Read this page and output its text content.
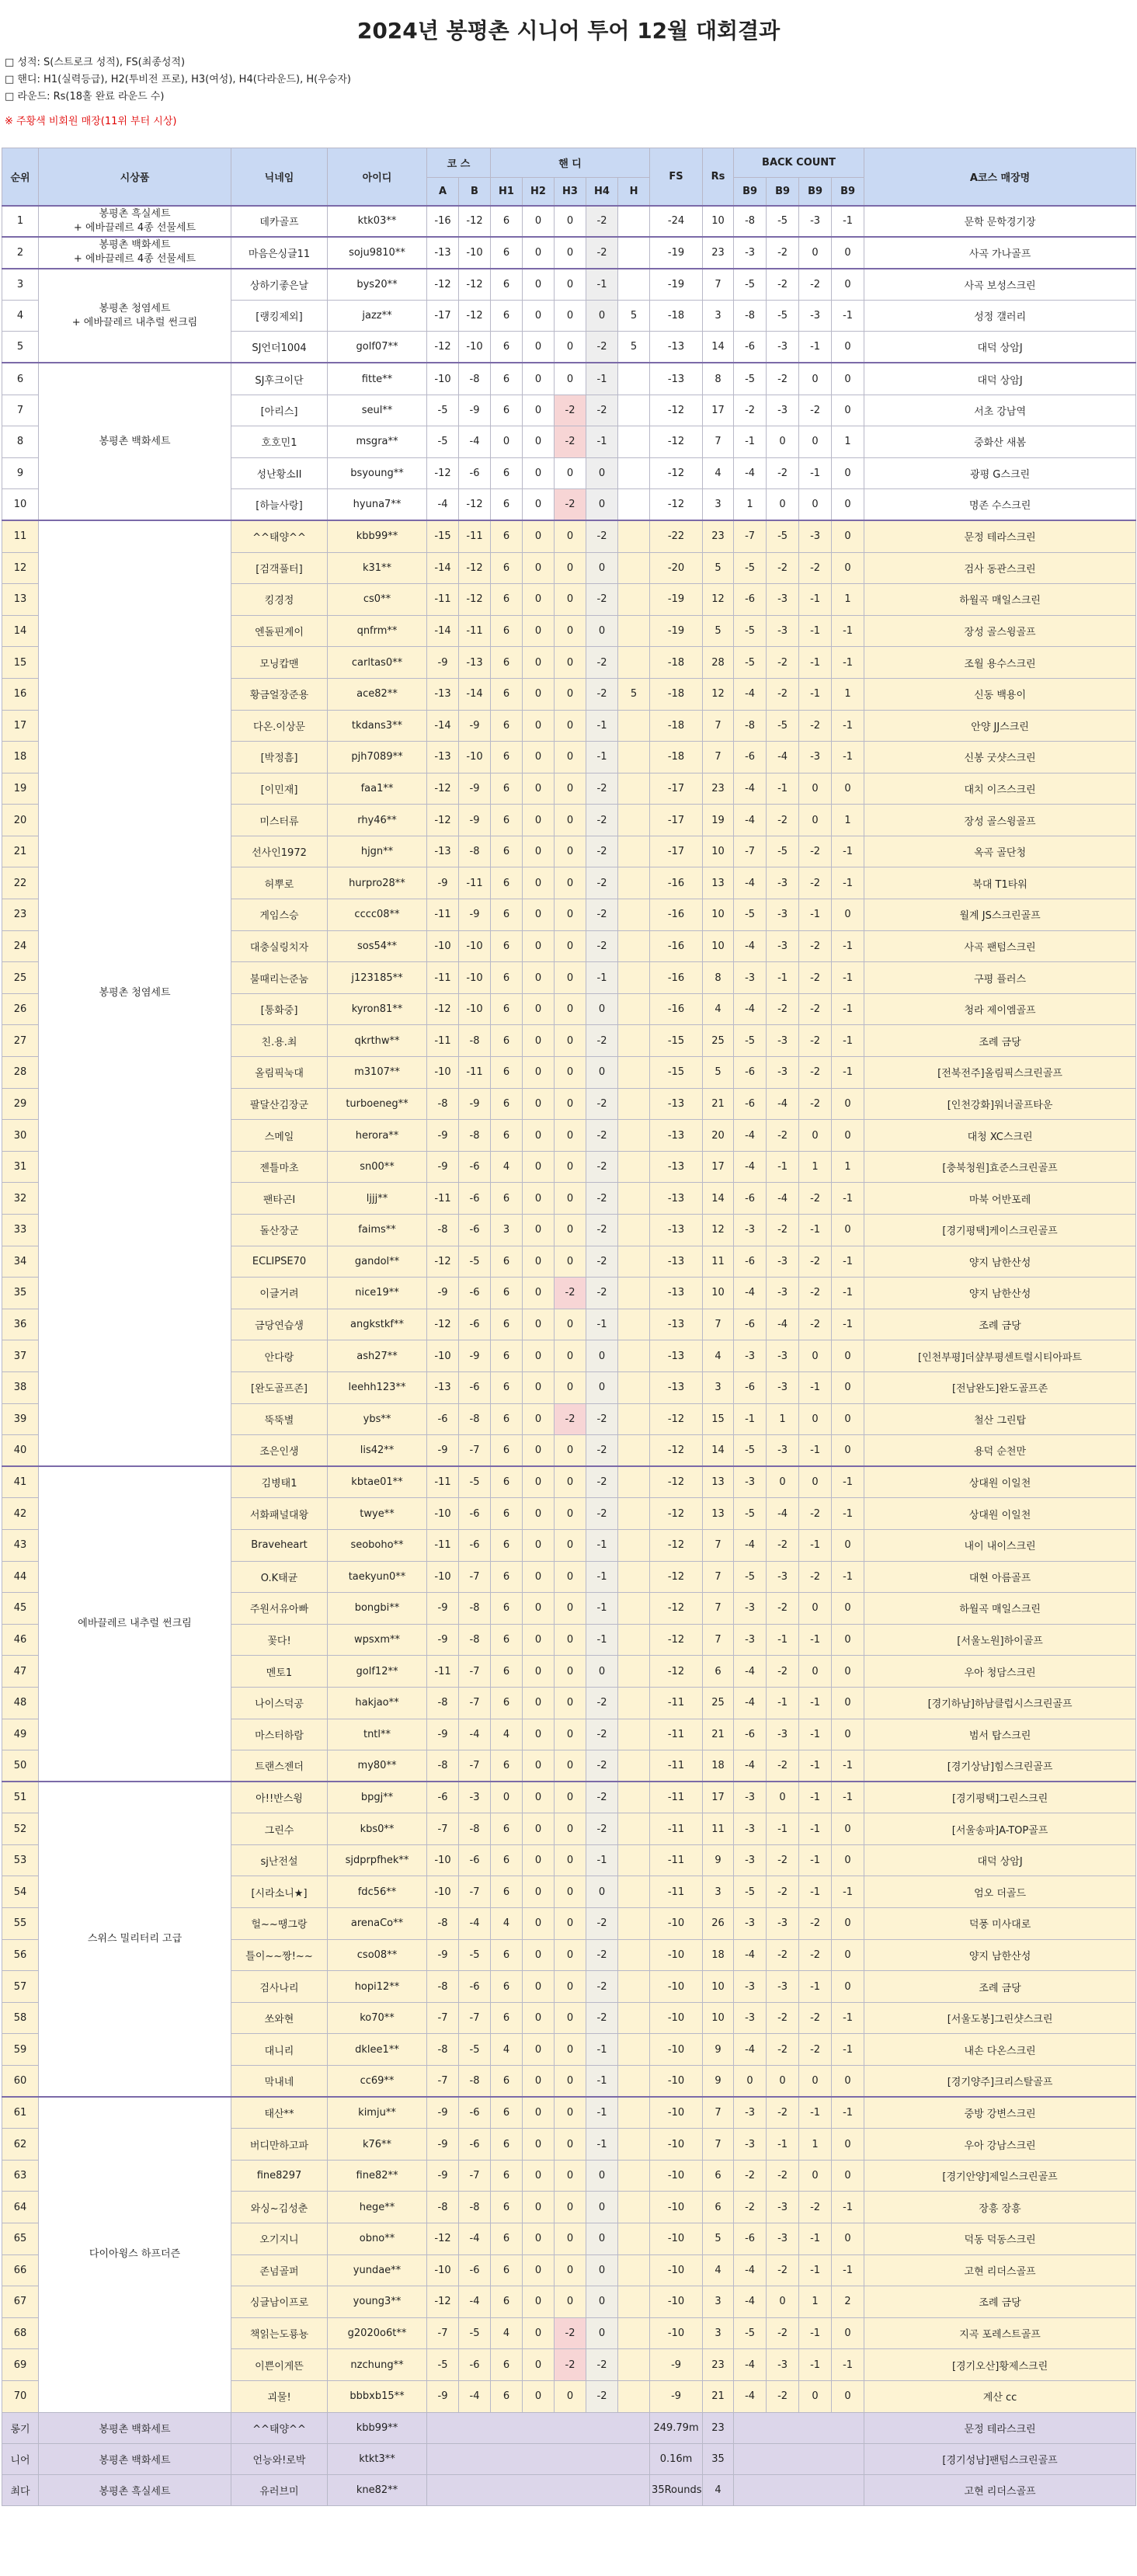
2024년 봉평촌 시니어 투어 12월 대회결과
□ 성적: S(스트로크 성적), FS(최종성적)
□ 핸디: H1(실력등급), H2(투비전 프로), H3(여성), H4(다라운드), H(우승자)
□ 라운드: Rs(18홀 완료 라운드 수)
※ 주황색 비회원 매장(11위 부터 시상)
순위	시상품	닉네임	아이디	코 스		핸 디					FS	Rs	BACK COUNT				A코스 매장명
				A	B	H1	H2	H3	H4	H			B9	B9	B9	B9	
1	봉평촌 흑실세트
+ 에바끌레르 4종 선물세트	데카골프	ktk03**	-16	-12	6	0	0	-2		-24	10	-8	-5	-3	-1	문학 문학경기장
2	봉평촌 백화세트
+ 에바끌레르 4종 선물세트	마음은싱글11	soju9810**	-13	-10	6	0	0	-2		-19	23	-3	-2	0	0	사곡 가나골프
3	봉평촌 청염세트
+ 에바끌레르 내추럴 썬크림	상하기좋은날	bys20**	-12	-12	6	0	0	-1		-19	7	-5	-2	-2	0	사곡 보성스크린
4		[랭킹제외]	jazz**	-17	-12	6	0	0	0	5	-18	3	-8	-5	-3	-1	성정 갤러리
5		SJ언더1004	golf07**	-12	-10	6	0	0	-2	5	-13	14	-6	-3	-1	0	대덕 상암J
6	봉평촌 백화세트	SJ후크이단	fitte**	-10	-8	6	0	0	-1		-13	8	-5	-2	0	0	대덕 상암J
7		[아리스]	seul**	-5	-9	6	0	-2	-2		-12	17	-2	-3	-2	0	서초 강남역
8		호호민1	msgra**	-5	-4	0	0	-2	-1		-12	7	-1	0	0	1	중화산 새봄
9		성난황소II	bsyoung**	-12	-6	6	0	0	0		-12	4	-4	-2	-1	0	광평 G스크린
10		[하늘사랑]	hyuna7**	-4	-12	6	0	-2	0		-12	3	1	0	0	0	명존 수스크린
11	봉평촌 청염세트	^^태양^^	kbb99**	-15	-11	6	0	0	-2		-22	23	-7	-5	-3	0	문정 테라스크린
12		[검객풀터]	k31**	-14	-12	6	0	0	0		-20	5	-5	-2	-2	0	검사 동관스크린
13		킹경정	cs0**	-11	-12	6	0	0	-2		-19	12	-6	-3	-1	1	하월곡 매일스크린
14		엔돌핀계이	qnfrm**	-14	-11	6	0	0	0		-19	5	-5	-3	-1	-1	장성 골스윙골프
15		모닝캅맨	carltas0**	-9	-13	6	0	0	-2		-18	28	-5	-2	-1	-1	조월 용수스크린
16		황금얼장준용	ace82**	-13	-14	6	0	0	-2	5	-18	12	-4	-2	-1	1	신동 백용이
17		다온.이상문	tkdans3**	-14	-9	6	0	0	-1		-18	7	-8	-5	-2	-1	안양 JJ스크린
18		[박정흠]	pjh7089**	-13	-10	6	0	0	-1		-18	7	-6	-4	-3	-1	신봉 굿샷스크린
19		[이민재]	faa1**	-12	-9	6	0	0	-2		-17	23	-4	-1	0	0	대치 이즈스크린
20		미스터류	rhy46**	-12	-9	6	0	0	-2		-17	19	-4	-2	0	1	장성 골스윙골프
21		선사인1972	hjgn**	-13	-8	6	0	0	-2		-17	10	-7	-5	-2	-1	옥곡 골단청
22		허뿌로	hurpro28**	-9	-11	6	0	0	-2		-16	13	-4	-3	-2	-1	북대 T1타워
23		게임스승	cccc08**	-11	-9	6	0	0	-2		-16	10	-5	-3	-1	0	월계 JS스크린골프
24		대충실링치자	sos54**	-10	-10	6	0	0	-2		-16	10	-4	-3	-2	-1	사곡 팬텀스크린
25		불때리는준눔	j123185**	-11	-10	6	0	0	-1		-16	8	-3	-1	-2	-1	구평 플러스
26		[통화중]	kyron81**	-12	-10	6	0	0	0		-16	4	-4	-2	-2	-1	청라 제이엠골프
27		친.용.최	qkrthw**	-11	-8	6	0	0	-2		-15	25	-5	-3	-2	-1	조례 금당
28		올림픽눅대	m3107**	-10	-11	6	0	0	0		-15	5	-6	-3	-2	-1	[전북전주]올림픽스크린골프
29		팔달산김장군	turboeneg**	-8	-9	6	0	0	-2		-13	21	-6	-4	-2	0	[인천강화]워너골프타운
30		스메일	herora**	-9	-8	6	0	0	-2		-13	20	-4	-2	0	0	대청 XC스크린
31		젠틀마초	sn00**	-9	-6	4	0	0	-2		-13	17	-4	-1	1	1	[충북청원]효준스크린골프
32		팬타곤I	ljjj**	-11	-6	6	0	0	-2		-13	14	-6	-4	-2	-1	마북 어반포레
33		돌산장군	faims**	-8	-6	3	0	0	-2		-13	12	-3	-2	-1	0	[경기평택]케이스크린골프
34		ECLIPSE70	gandol**	-12	-5	6	0	0	-2		-13	11	-6	-3	-2	-1	양지 남한산성
35		이글거려	nice19**	-9	-6	6	0	-2	-2		-13	10	-4	-3	-2	-1	양지 남한산성
36		금당연습생	angkstkf**	-12	-6	6	0	0	-1		-13	7	-6	-4	-2	-1	조례 금당
37		안다랑	ash27**	-10	-9	6	0	0	0		-13	4	-3	-3	0	0	[인천부평]더샾부평센트럴시티아파트
38		[완도골프존]	leehh123**	-13	-6	6	0	0	0		-13	3	-6	-3	-1	0	[전남완도]완도골프존
39		뚝뚝별	ybs**	-6	-8	6	0	-2	-2		-12	15	-1	1	0	0	철산 그린탑
40		조은인생	lis42**	-9	-7	6	0	0	-2		-12	14	-5	-3	-1	0	용덕 순천만
41	에바끌레르 내추럴 썬크림	김병태1	kbtae01**	-11	-5	6	0	0	-2		-12	13	-3	0	0	-1	상대원 이일천
42		서화패널대왕	twye**	-10	-6	6	0	0	-2		-12	13	-5	-4	-2	-1	상대원 이일천
43		Braveheart	seoboho**	-11	-6	6	0	0	-1		-12	7	-4	-2	-1	0	내이 내이스크린
44		O.K태균	taekyun0**	-10	-7	6	0	0	-1		-12	7	-5	-3	-2	-1	대현 아름골프
45		주원서유아빠	bongbi**	-9	-8	6	0	0	-1		-12	7	-3	-2	0	0	하월곡 매일스크린
46		꽃다!	wpsxm**	-9	-8	6	0	0	-1		-12	7	-3	-1	-1	0	[서울노원]하이골프
47		멘토1	golf12**	-11	-7	6	0	0	0		-12	6	-4	-2	0	0	우아 청담스크린
48		나이스덕공	hakjao**	-8	-7	6	0	0	-2		-11	25	-4	-1	-1	0	[경기하남]하남클럽시스크린골프
49		마스터하람	tntl**	-9	-4	4	0	0	-2		-11	21	-6	-3	-1	0	범서 탑스크린
50		트랜스젠더	my80**	-8	-7	6	0	0	-2		-11	18	-4	-2	-1	-1	[경기상남]힘스크린골프
51	스위스 밀리터리 고급	아!!반스윙	bpgj**	-6	-3	0	0	0	-2		-11	17	-3	0	-1	-1	[경기평택]그린스크린
52		그린수	kbs0**	-7	-8	6	0	0	-2		-11	11	-3	-1	-1	0	[서울송파]A-TOP골프
53		sj난전설	sjdprpfhek**	-10	-6	6	0	0	-1		-11	9	-3	-2	-1	0	대덕 상암J
54		[시라소니★]	fdc56**	-10	-7	6	0	0	0		-11	3	-5	-2	-1	-1	엄오 더골드
55		헐~~땡그랑	arenaCo**	-8	-4	4	0	0	-2		-10	26	-3	-3	-2	0	덕풍 미사대로
56		틀이~~짱!~~	cso08**	-9	-5	6	0	0	-2		-10	18	-4	-2	-2	0	양지 남한산성
57		검사나리	hopi12**	-8	-6	6	0	0	-2		-10	10	-3	-3	-1	0	조례 금당
58		쏘와현	ko70**	-7	-7	6	0	0	-2		-10	10	-3	-2	-2	-1	[서울도봉]그린샷스크린
59		대니리	dklee1**	-8	-5	4	0	0	-1		-10	9	-4	-2	-2	-1	내손 다온스크린
60		막내네	cc69**	-7	-8	6	0	0	-1		-10	9	0	0	0	0	[경기양주]크리스탈골프
61	다이아윙스 하프더즌	태산**	kimju**	-9	-6	6	0	0	-1		-10	7	-3	-2	-1	-1	중방 강변스크린
62		버디만하고파	k76**	-9	-6	6	0	0	-1		-10	7	-3	-1	1	0	우아 강남스크린
63		fine8297	fine82**	-9	-7	6	0	0	0		-10	6	-2	-2	0	0	[경기안양]제일스크린골프
64		와싱~김성춘	hege**	-8	-8	6	0	0	0		-10	6	-2	-3	-2	-1	장흥 장흥
65		오기지니	obno**	-12	-4	6	0	0	0		-10	5	-6	-3	-1	0	덕동 덕동스크린
66		존넘골퍼	yundae**	-10	-6	6	0	0	0		-10	4	-4	-2	-1	-1	고현 리더스골프
67		싱글남이프로	young3**	-12	-4	6	0	0	0		-10	3	-4	0	1	2	조례 금당
68		책읽는도룡뇽	g2020o6t**	-7	-5	4	0	-2	0		-10	3	-5	-2	-1	0	지곡 포레스트골프
69		이쁜이게뜬	nzchung**	-5	-6	6	0	-2	-2		-9	23	-4	-3	-1	-1	[경기오산]황제스크린
70		괴물!	bbbxb15**	-9	-4	6	0	0	-2		-9	21	-4	-2	0	0	계산 cc
롱기	봉평촌 백화세트	^^태양^^	kbb99**								249.79m	23					문정 테라스크린
니어	봉평촌 백화세트	언능와!로박	ktkt3**								0.16m	35					[경기성남]팬텀스크린골프
최다	봉평촌 흑실세트	유러브미	kne82**								35Rounds	4					고현 리더스골프
